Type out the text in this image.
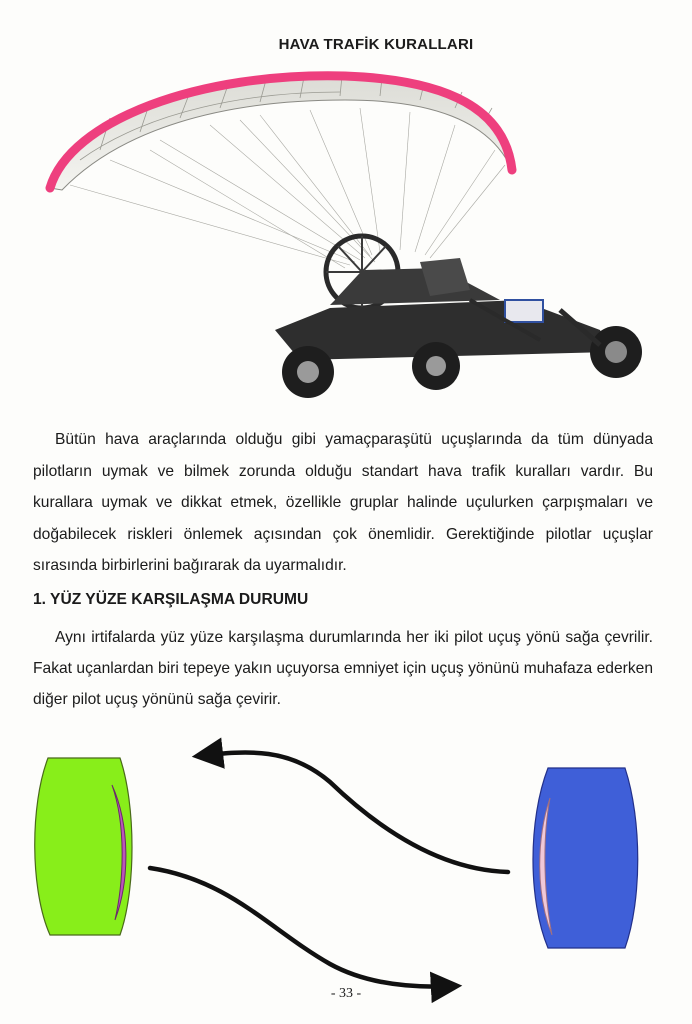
HAVA TRAFİK KURALLARI

Bütün hava araçlarında olduğu gibi yamaçparaşütü uçuşlarında da tüm dünyada pilotların uymak ve bilmek zorunda olduğu standart hava trafik kuralları vardır. Bu kurallara uymak ve dikkat etmek, özellikle gruplar halinde uçulurken çarpışmaları ve doğabilecek riskleri önlemek açısından çok önemlidir. Gerektiğinde pilotlar uçuşlar sırasında birbirlerini bağırarak da uyarmalıdır.

1. YÜZ YÜZE KARŞILAŞMA DURUMU

Aynı irtifalarda yüz yüze karşılaşma durumlarında her iki pilot uçuş yönü sağa çevrilir. Fakat uçanlardan biri tepeye yakın uçuyorsa emniyet için uçuş yönünü muhafaza ederken diğer pilot uçuş yönünü sağa çevirir.

- 33 -
